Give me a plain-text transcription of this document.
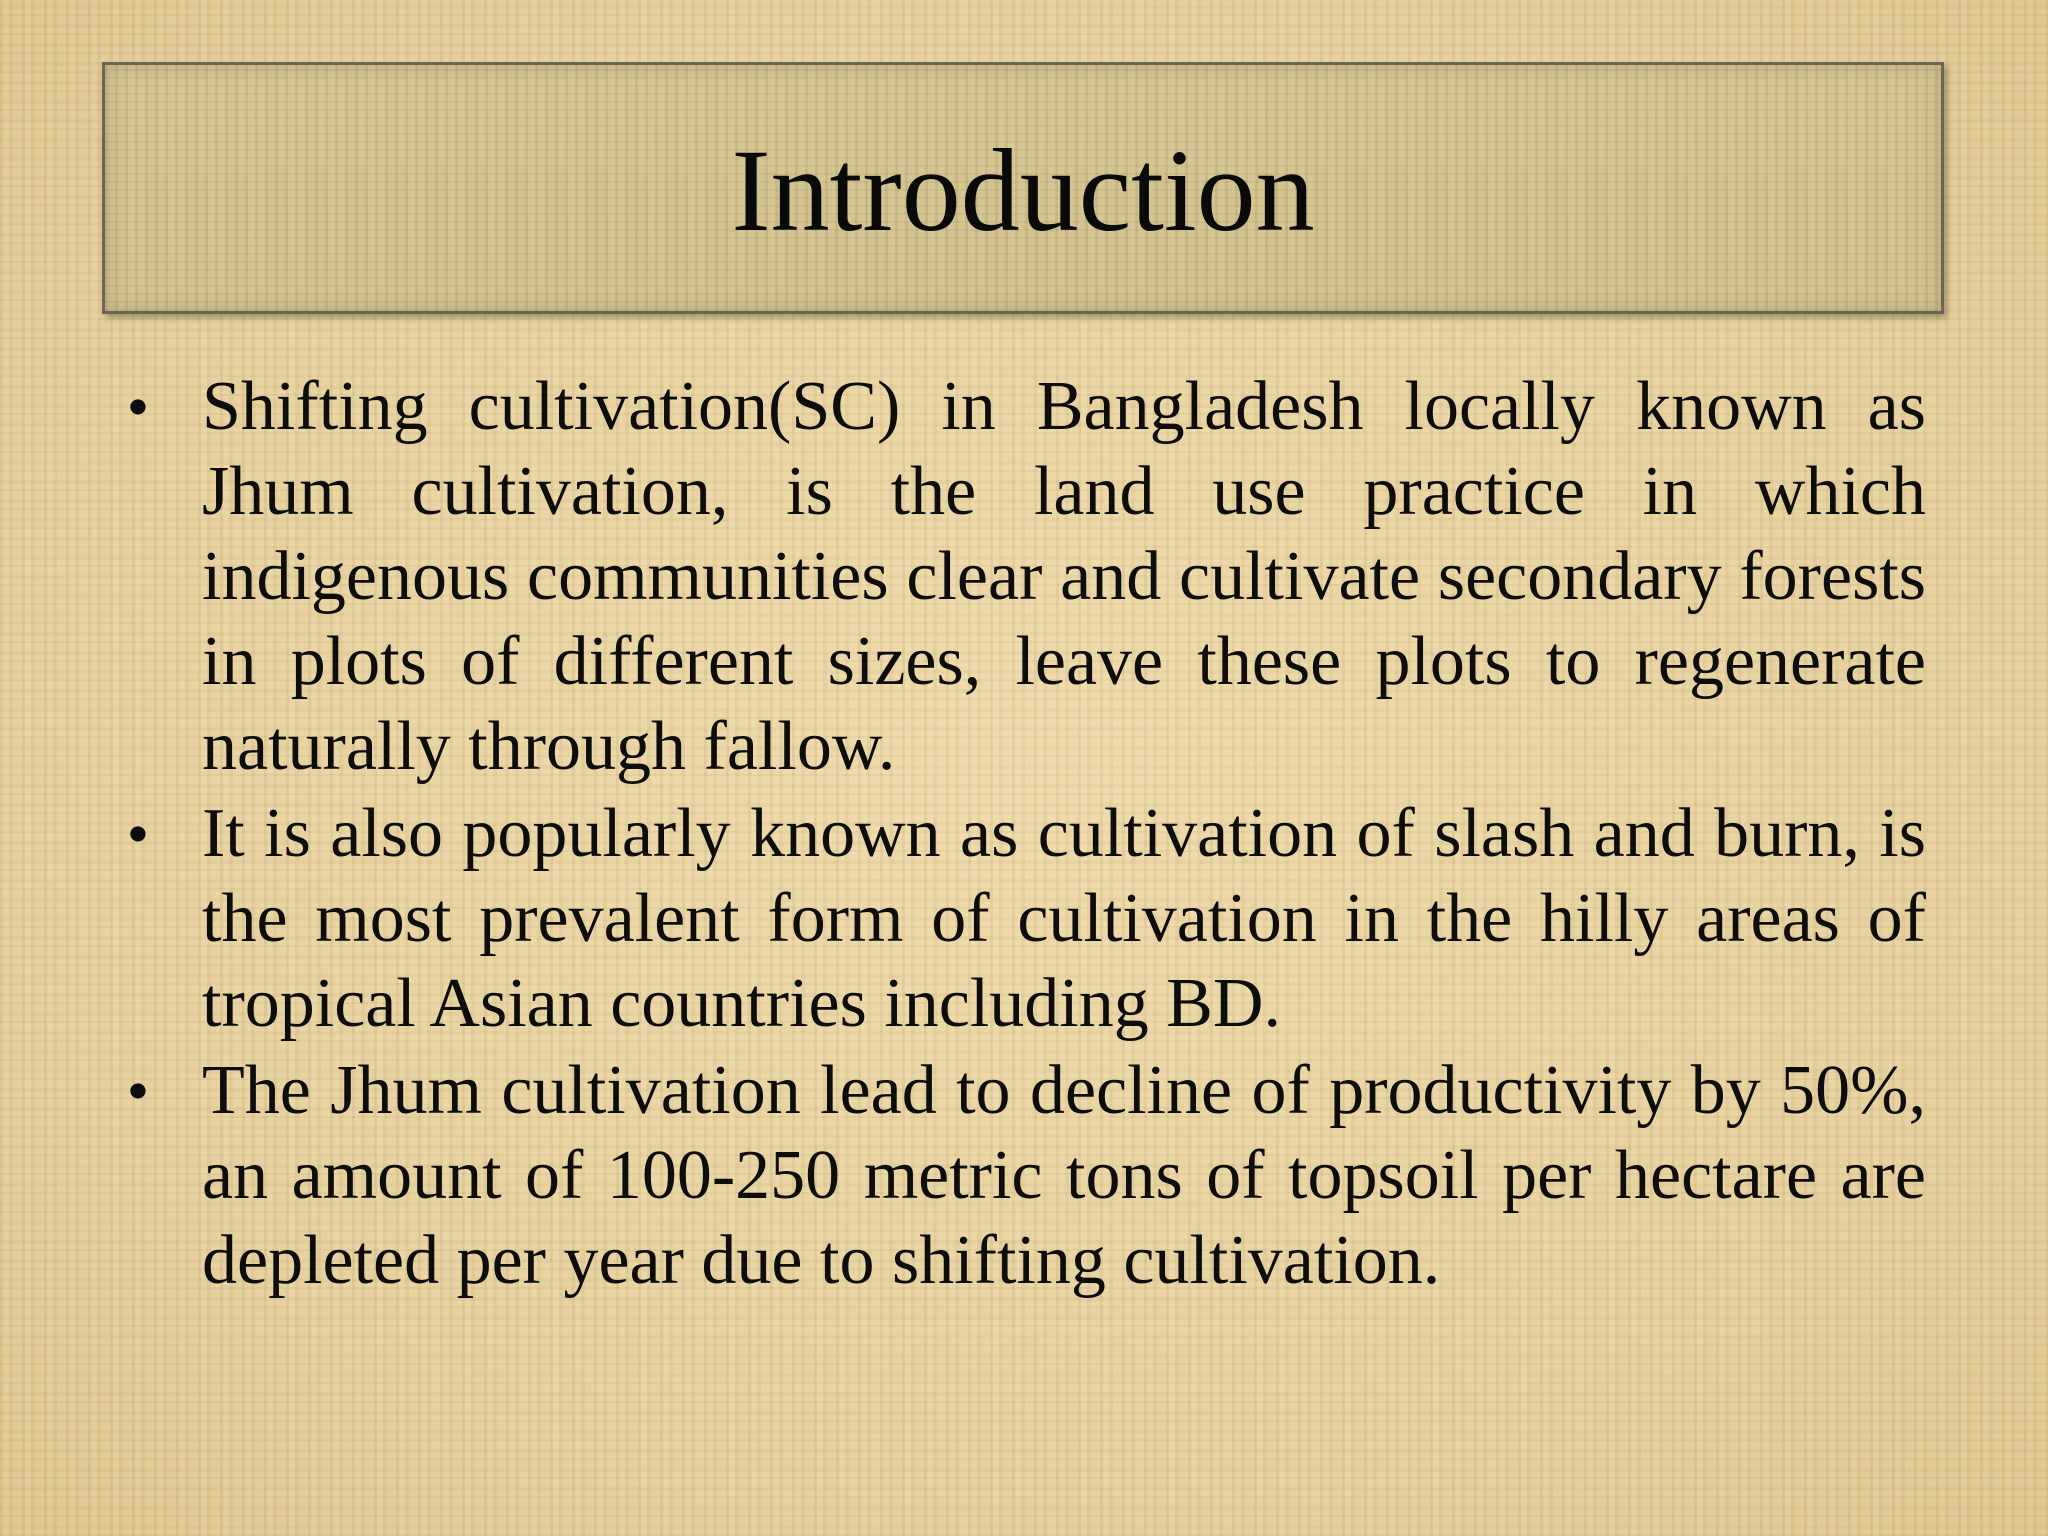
Introduction
• Shifting cultivation(SC) in Bangladesh locally known as Jhum cultivation, is the land use practice in which indigenous communities clear and cultivate secondary forests in plots of different sizes, leave these plots to regenerate naturally through fallow.
• It is also popularly known as cultivation of slash and burn, is the most prevalent form of cultivation in the hilly areas of tropical Asian countries including BD.
• The Jhum cultivation lead to decline of productivity by 50%, an amount of 100-250 metric tons of topsoil per hectare are depleted per year due to shifting cultivation.
